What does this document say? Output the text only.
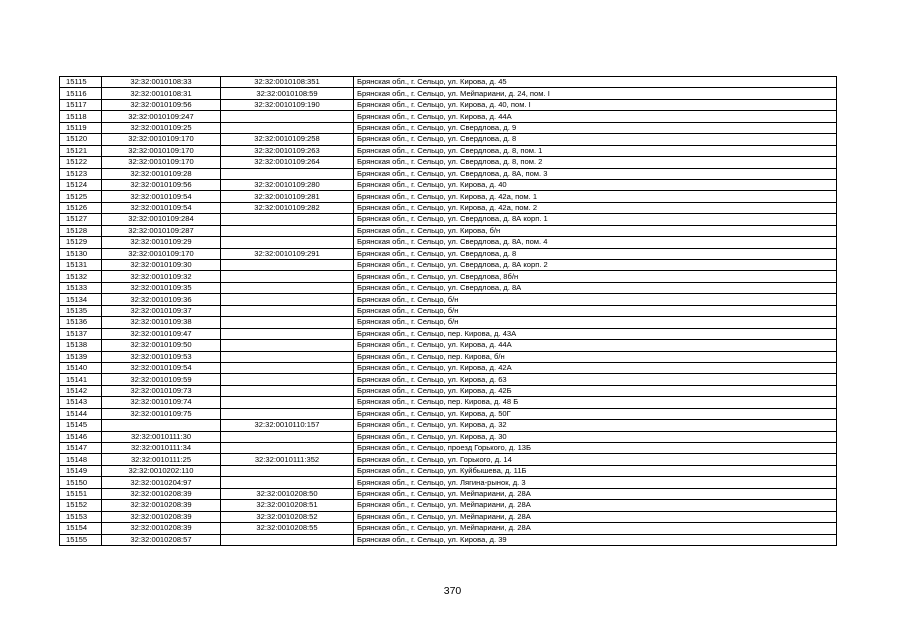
15115	32:32:0010108:33	32:32:0010108:351	Брянская обл., г. Сельцо, ул. Кирова, д. 45
15116	32:32:0010108:31	32:32:0010108:59	Брянская обл., г. Сельцо, ул. Мейпариани, д. 24, пом. I
15117	32:32:0010109:56	32:32:0010109:190	Брянская обл., г. Сельцо, ул. Кирова, д. 40, пом. I
15118	32:32:0010109:247		Брянская обл., г. Сельцо, ул. Кирова, д. 44А
15119	32:32:0010109:25		Брянская обл., г. Сельцо, ул. Свердлова, д. 9
15120	32:32:0010109:170	32:32:0010109:258	Брянская обл., г. Сельцо, ул. Свердлова, д. 8
15121	32:32:0010109:170	32:32:0010109:263	Брянская обл., г. Сельцо, ул. Свердлова, д. 8, пом. 1
15122	32:32:0010109:170	32:32:0010109:264	Брянская обл., г. Сельцо, ул. Свердлова, д. 8, пом. 2
15123	32:32:0010109:28		Брянская обл., г. Сельцо, ул. Свердлова, д. 8А, пом. 3
15124	32:32:0010109:56	32:32:0010109:280	Брянская обл., г. Сельцо, ул. Кирова, д. 40
15125	32:32:0010109:54	32:32:0010109:281	Брянская обл., г. Сельцо, ул. Кирова, д. 42а, пом. 1
15126	32:32:0010109:54	32:32:0010109:282	Брянская обл., г. Сельцо, ул. Кирова, д. 42а, пом. 2
15127	32:32:0010109:284		Брянская обл., г. Сельцо, ул. Свердлова, д. 8А корп. 1
15128	32:32:0010109:287		Брянская обл., г. Сельцо, ул. Кирова, б/н
15129	32:32:0010109:29		Брянская обл., г. Сельцо, ул. Свердлова, д. 8А, пом. 4
15130	32:32:0010109:170	32:32:0010109:291	Брянская обл., г. Сельцо, ул. Свердлова, д. 8
15131	32:32:0010109:30		Брянская обл., г. Сельцо, ул. Свердлова, д. 8А корп. 2
15132	32:32:0010109:32		Брянская обл., г. Сельцо, ул. Свердлова, 8б/н
15133	32:32:0010109:35		Брянская обл., г. Сельцо, ул. Свердлова, д. 8А
15134	32:32:0010109:36		Брянская обл., г. Сельцо, б/н
15135	32:32:0010109:37		Брянская обл., г. Сельцо, б/н
15136	32:32:0010109:38		Брянская обл., г. Сельцо, б/н
15137	32:32:0010109:47		Брянская обл., г. Сельцо, пер. Кирова, д. 43А
15138	32:32:0010109:50		Брянская обл., г. Сельцо, ул. Кирова, д. 44А
15139	32:32:0010109:53		Брянская обл., г. Сельцо, пер. Кирова, б/н
15140	32:32:0010109:54		Брянская обл., г. Сельцо, ул. Кирова, д. 42А
15141	32:32:0010109:59		Брянская обл., г. Сельцо, ул. Кирова, д. 63
15142	32:32:0010109:73		Брянская обл., г. Сельцо, ул. Кирова, д. 42Б
15143	32:32:0010109:74		Брянская обл., г. Сельцо, пер. Кирова, д. 48 Б
15144	32:32:0010109:75		Брянская обл., г. Сельцо, ул. Кирова, д. 50Г
15145		32:32:0010110:157	Брянская обл., г. Сельцо, ул. Кирова, д. 32
15146	32:32:0010111:30		Брянская обл., г. Сельцо, ул. Кирова, д. 30
15147	32:32:0010111:34		Брянская обл., г. Сельцо, проезд Горького, д. 13Б
15148	32:32:0010111:25	32:32:0010111:352	Брянская обл., г. Сельцо, ул. Горького, д. 14
15149	32:32:0010202:110		Брянская обл., г. Сельцо, ул. Куйбышева, д. 11Б
15150	32:32:0010204:97		Брянская обл., г. Сельцо, ул. Лягина-рынок, д. 3
15151	32:32:0010208:39	32:32:0010208:50	Брянская обл., г. Сельцо, ул. Мейпариани, д. 28А
15152	32:32:0010208:39	32:32:0010208:51	Брянская обл., г. Сельцо, ул. Мейпариани, д. 28А
15153	32:32:0010208:39	32:32:0010208:52	Брянская обл., г. Сельцо, ул. Мейпариани, д. 28А
15154	32:32:0010208:39	32:32:0010208:55	Брянская обл., г. Сельцо, ул. Мейпариани, д. 28А
15155	32:32:0010208:57		Брянская обл., г. Сельцо, ул. Кирова, д. 39
370
